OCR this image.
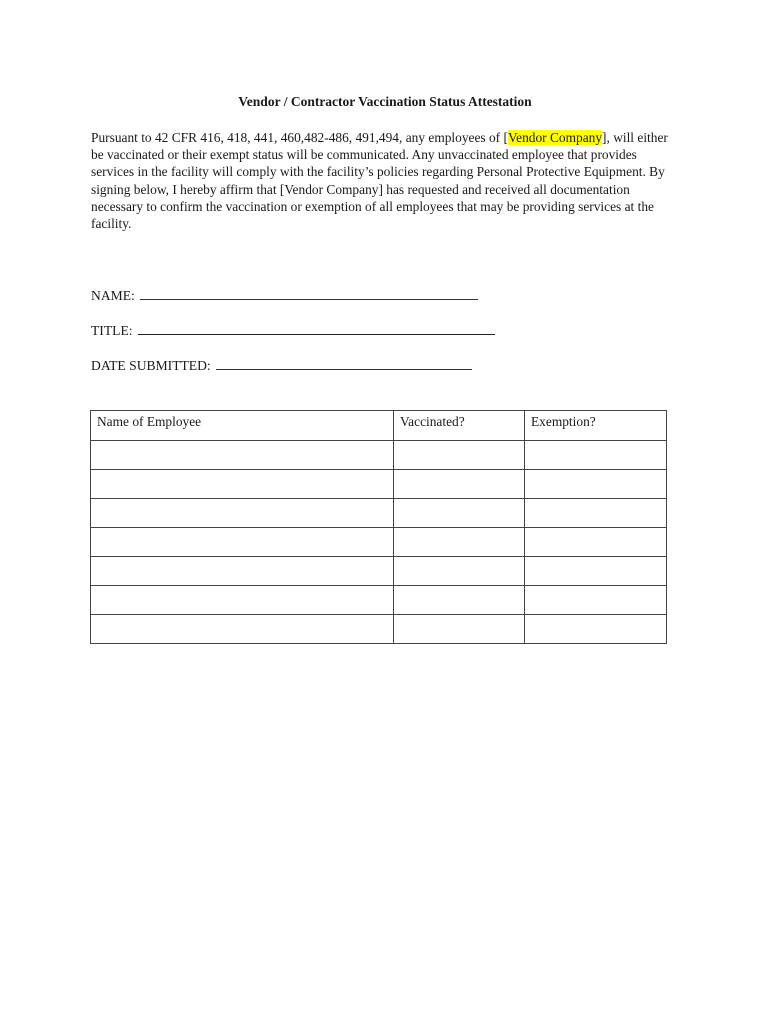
Vendor / Contractor Vaccination Status Attestation
Pursuant to 42 CFR 416, 418, 441, 460,482-486, 491,494, any employees of [Vendor Company], will either be vaccinated or their exempt status will be communicated. Any unvaccinated employee that provides services in the facility will comply with the facility’s policies regarding Personal Protective Equipment. By signing below, I hereby affirm that [Vendor Company] has requested and received all documentation necessary to confirm the vaccination or exemption of all employees that may be providing services at the facility.
NAME:
TITLE:
DATE SUBMITTED:
Name of Employee	Vaccinated?	Exemption?
